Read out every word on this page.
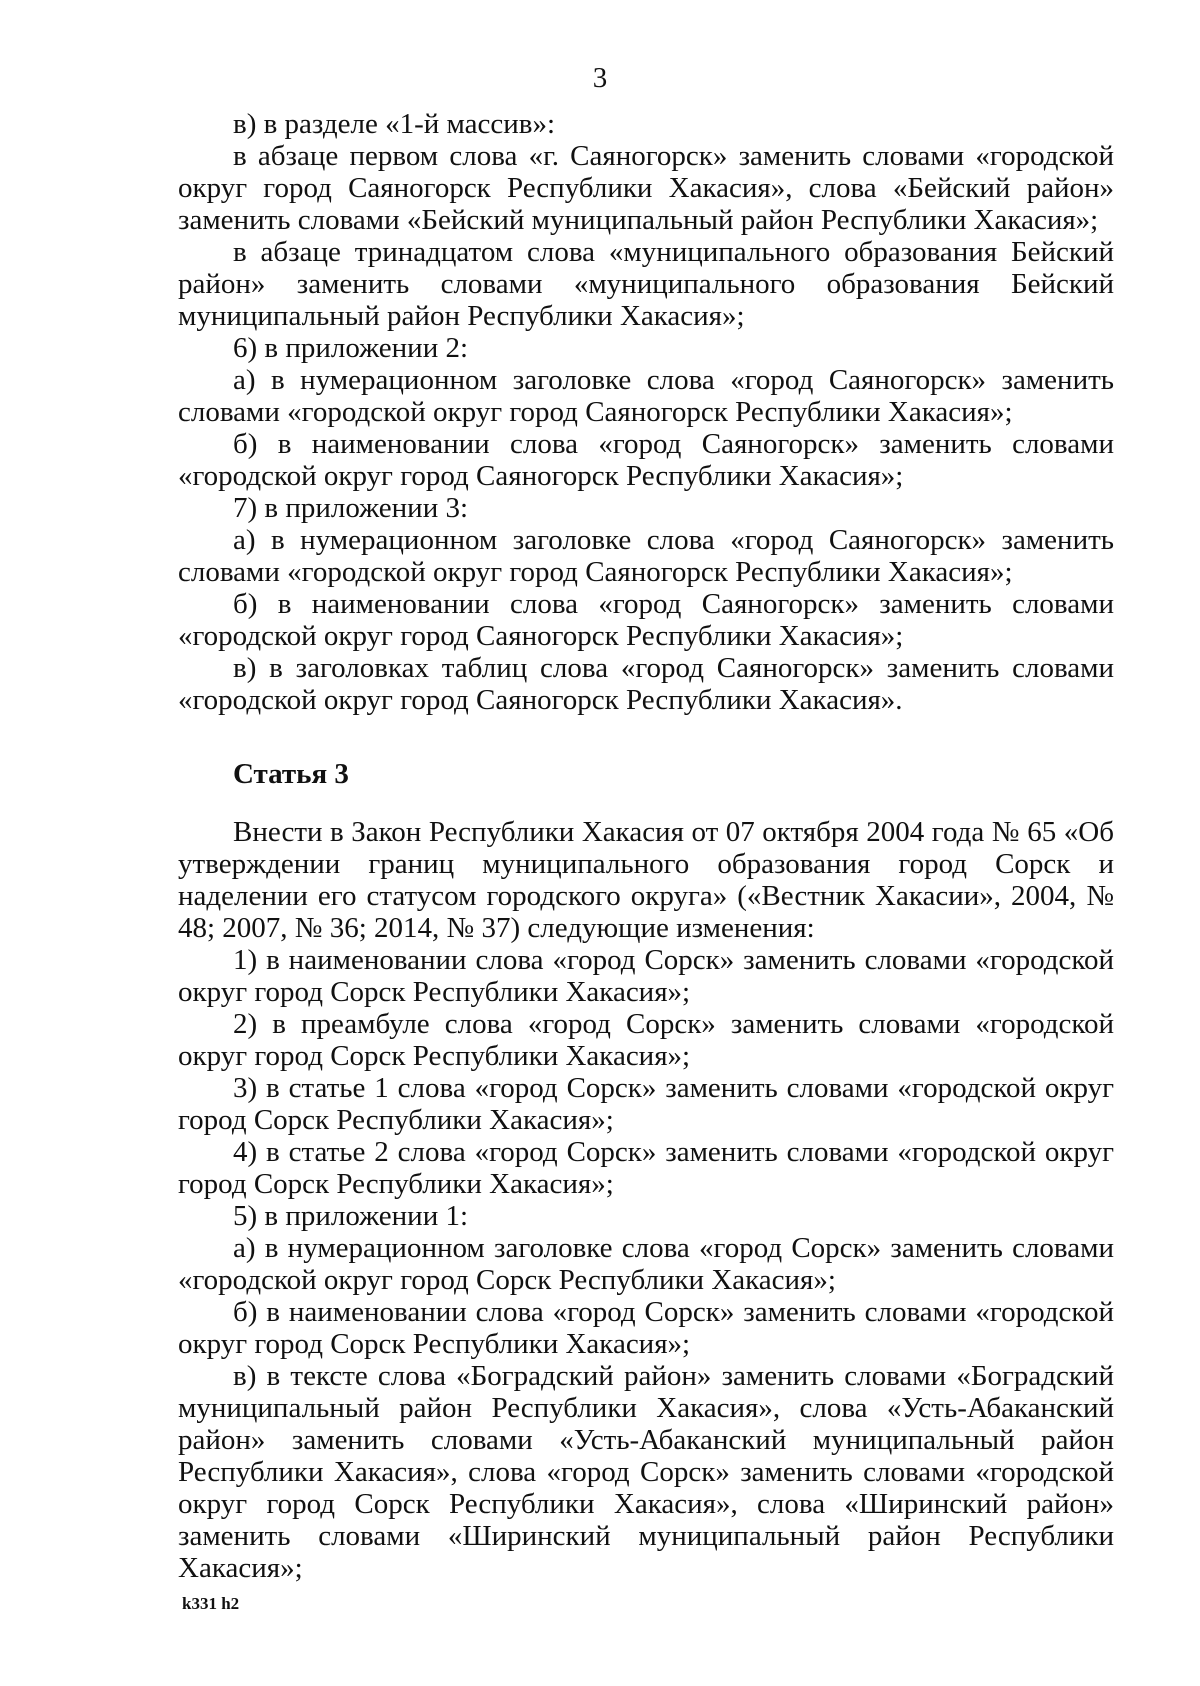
3

в) в разделе «1-й массив»:

в абзаце первом слова «г. Саяногорск» заменить словами «городской округ город Саяногорск Республики Хакасия», слова «Бейский район» заменить словами «Бейский муниципальный район Республики Хакасия»;

в абзаце тринадцатом слова «муниципального образования Бейский район» заменить словами «муниципального образования Бейский муниципальный район Республики Хакасия»;

6) в приложении 2:

а) в нумерационном заголовке слова «город Саяногорск» заменить словами «городской округ город Саяногорск Республики Хакасия»;

б) в наименовании слова «город Саяногорск» заменить словами «городской округ город Саяногорск Республики Хакасия»;

7) в приложении 3:

а) в нумерационном заголовке слова «город Саяногорск» заменить словами «городской округ город Саяногорск Республики Хакасия»;

б) в наименовании слова «город Саяногорск» заменить словами «городской округ город Саяногорск Республики Хакасия»;

в) в заголовках таблиц слова «город Саяногорск» заменить словами «городской округ город Саяногорск Республики Хакасия».

Статья 3

Внести в Закон Республики Хакасия от 07 октября 2004 года № 65 «Об утверждении границ муниципального образования город Сорск и наделении его статусом городского округа» («Вестник Хакасии», 2004, № 48; 2007, № 36; 2014, № 37) следующие изменения:

1) в наименовании слова «город Сорск» заменить словами «городской округ город Сорск Республики Хакасия»;

2) в преамбуле слова «город Сорск» заменить словами «городской округ город Сорск Республики Хакасия»;

3) в статье 1 слова «город Сорск» заменить словами «городской округ город Сорск Республики Хакасия»;

4) в статье 2 слова «город Сорск» заменить словами «городской округ город Сорск Республики Хакасия»;

5) в приложении 1:

а) в нумерационном заголовке слова «город Сорск» заменить словами «городской округ город Сорск Республики Хакасия»;

б) в наименовании слова «город Сорск» заменить словами «городской округ город Сорск Республики Хакасия»;

в) в тексте слова «Боградский район» заменить словами «Боградский муниципальный район Республики Хакасия», слова «Усть-Абаканский район» заменить словами «Усть-Абаканский муниципальный район Республики Хакасия», слова «город Сорск» заменить словами «городской округ город Сорск Республики Хакасия», слова «Ширинский район» заменить словами «Ширинский муниципальный район Республики Хакасия»;

k331 h2
